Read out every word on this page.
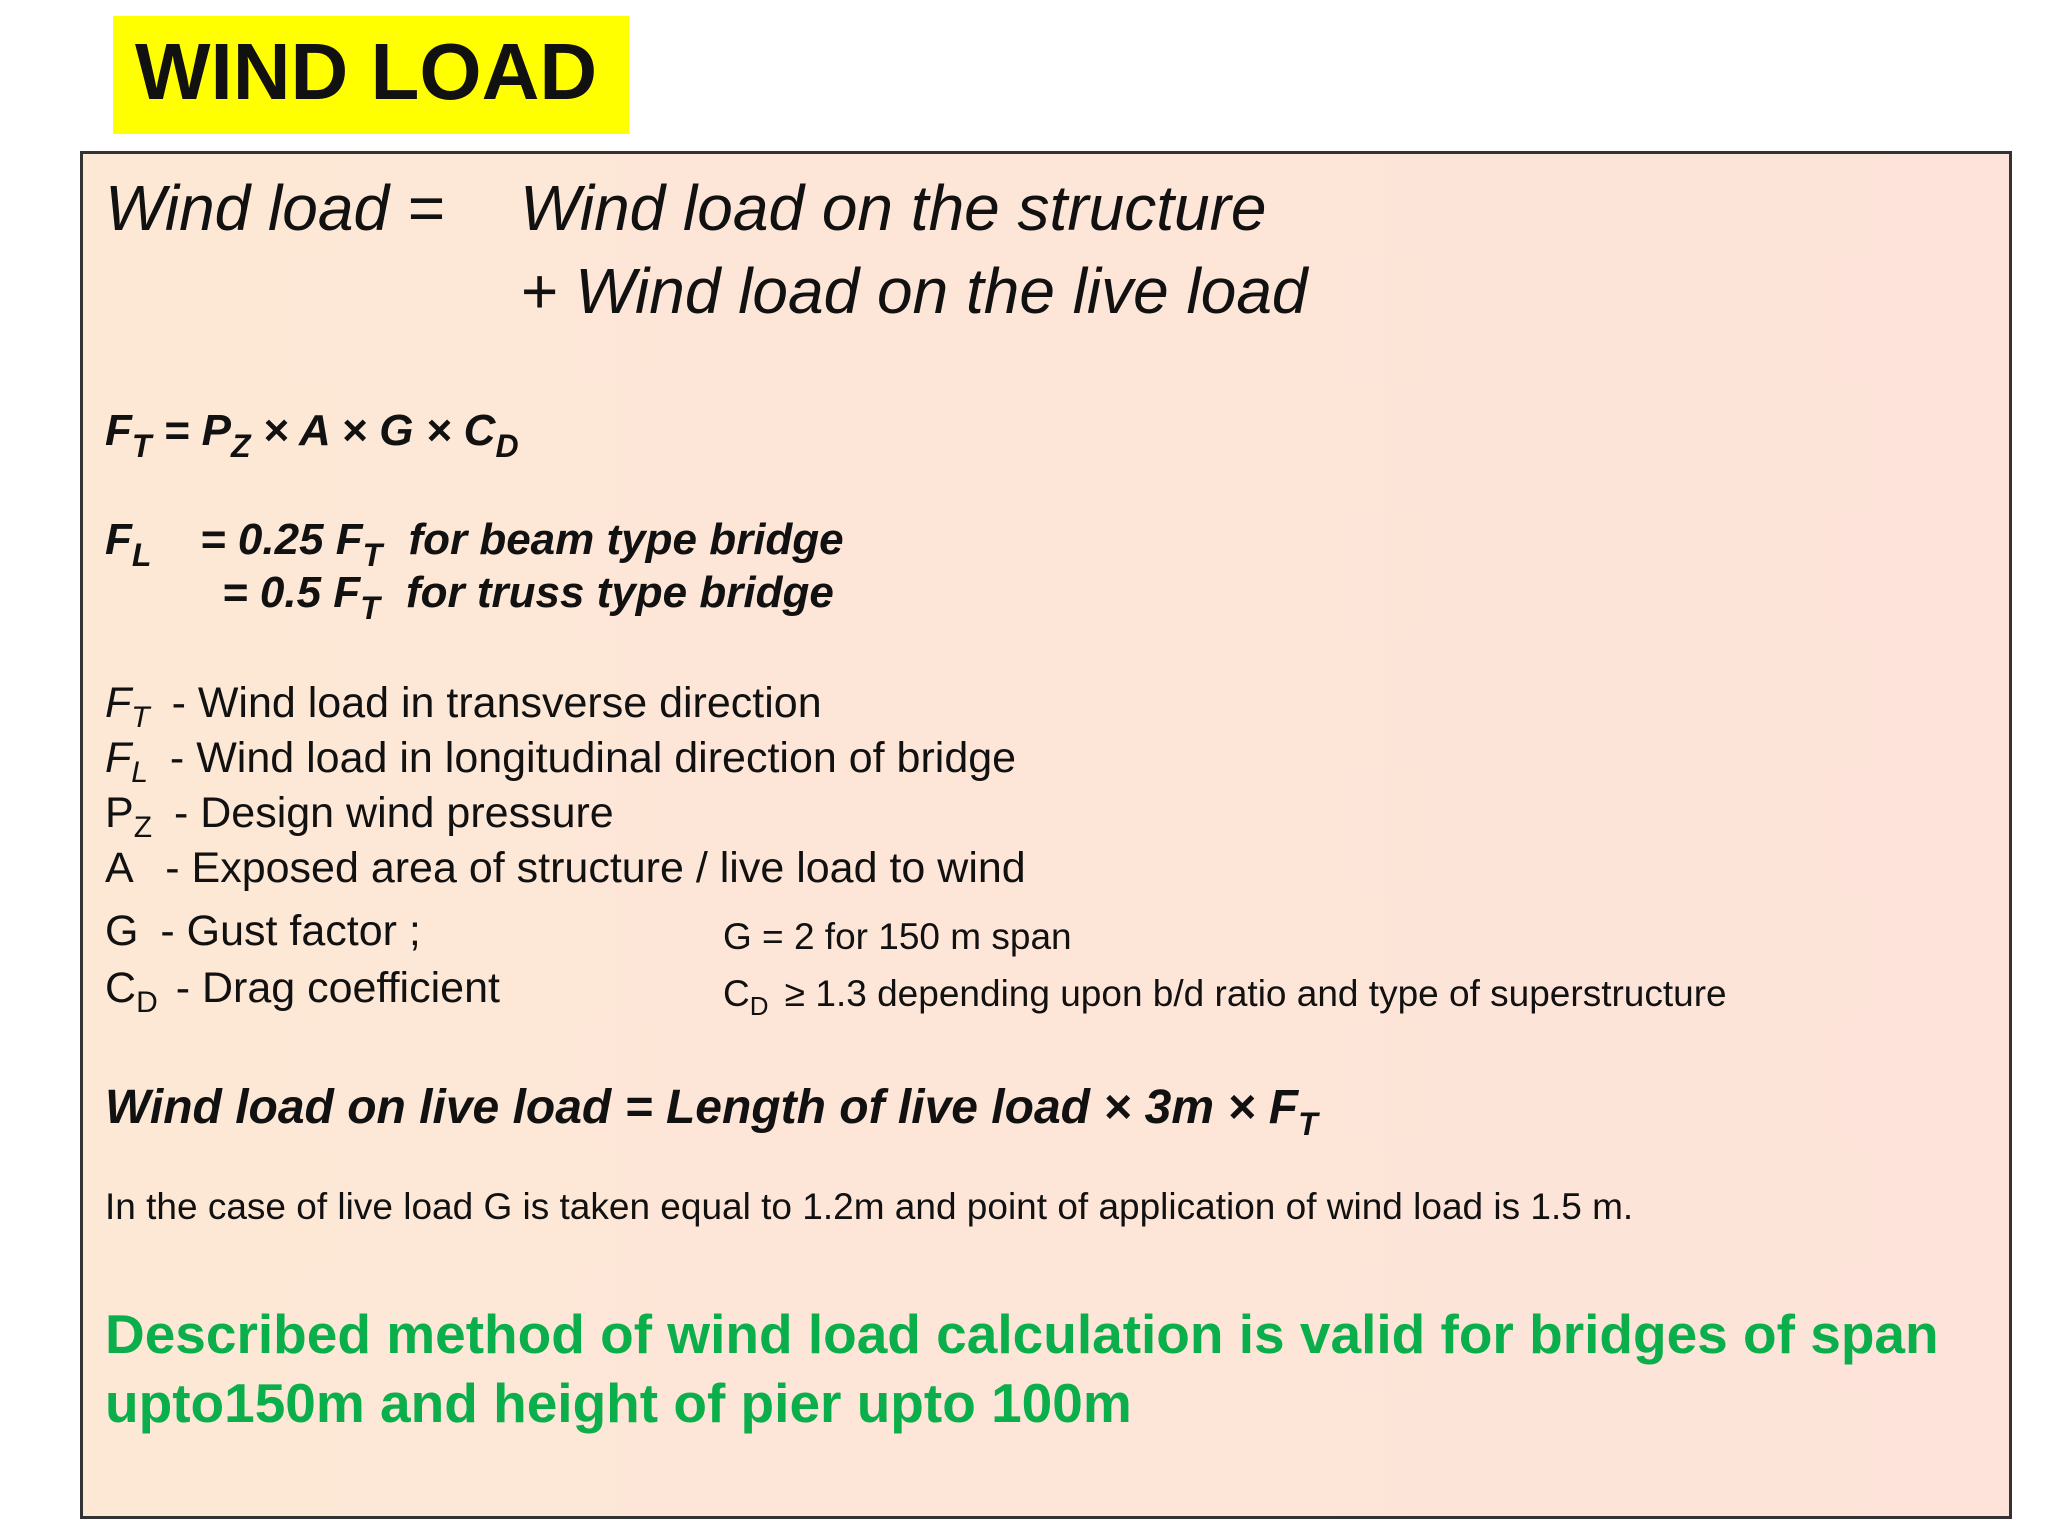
WIND LOAD
Wind load = Wind load on the structure
+ Wind load on the live load
$F_T = P_Z \times A \times G \times C_D$
$F_L = 0.25$ $F_T$ for beam type bridge
= 0.5 $F_T$ for truss type bridge
$F_T$ - Wind load in transverse direction
$F_L$ - Wind load in longitudinal direction of bridge
$P_Z$ - Design wind pressure
A - Exposed area of structure / live load to wind
G - Gust factor ;
$C_D$ - Drag coefficient
G = 2 for 150 m span
$C_D \ge 1.3$ depending upon b/d ratio and type of superstructure
Wind load on live load = Length of live load × $3m \times F_T$
In the case of live load G is taken equal to 1.2m and point of application of wind load is 1.5 m.
Described method of wind load calculation is valid for bridges of span upto150m and height of pier upto 100m
